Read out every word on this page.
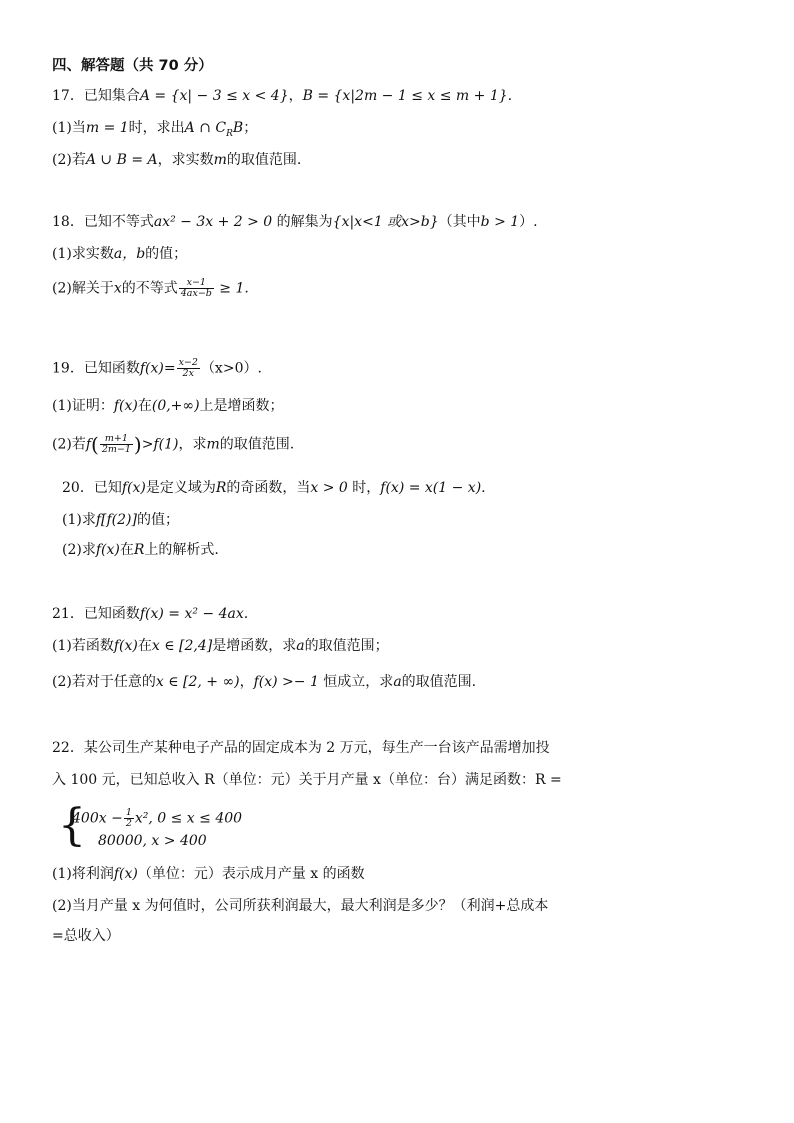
四、解答题（共 70 分）
17．已知集合A = {x| − 3 ≤ x < 4}，B = {x|2m − 1 ≤ x ≤ m + 1}.
(1)当m = 1时，求出A ∩ $C_RB$；
(2)若A ∪ B = A，求实数m的取值范围.
18．已知不等式ax² − 3x + 2 > 0 的解集为{x|x<1 或x>b}（其中b > 1）.
(1)求实数a，b的值；
(2)解关于x的不等式 $\frac{x-1}{4ax-b} \ge 1$.
19．已知函数$f(x)= \frac{x-2}{2x} (x>0)$.
(1)证明：f(x)在(0,+∞)上是增函数；
(2)若$f( \frac{m+1}{2m-1} )>f(1)$，求m的取值范围.
20．已知f(x)是定义域为R的奇函数，当x > 0 时，f(x) = x(1 − x).
(1)求f[f(2)]的值；
(2)求f(x)在R上的解析式.
21．已知函数f(x) = x² − 4ax.
(1)若函数f(x)在x ∈ [2,4]是增函数，求a的取值范围；
(2)若对于任意的x ∈ [2, + ∞)，f(x) >− 1 恒成立，求a的取值范围.
22．某公司生产某种电子产品的固定成本为 2 万元，每生产一台该产品需增加投
入 100 元，已知总收入 R（单位：元）关于月产量 x（单位：台）满足函数：R =
{
$400x - \frac{1}{2} x^2$, 0 ≤ x ≤ 400
80000, x > 400
(1)将利润f(x)（单位：元）表示成月产量 x 的函数
(2)当月产量 x 为何值时，公司所获利润最大，最大利润是多少？（利润+总成本
=总收入）
